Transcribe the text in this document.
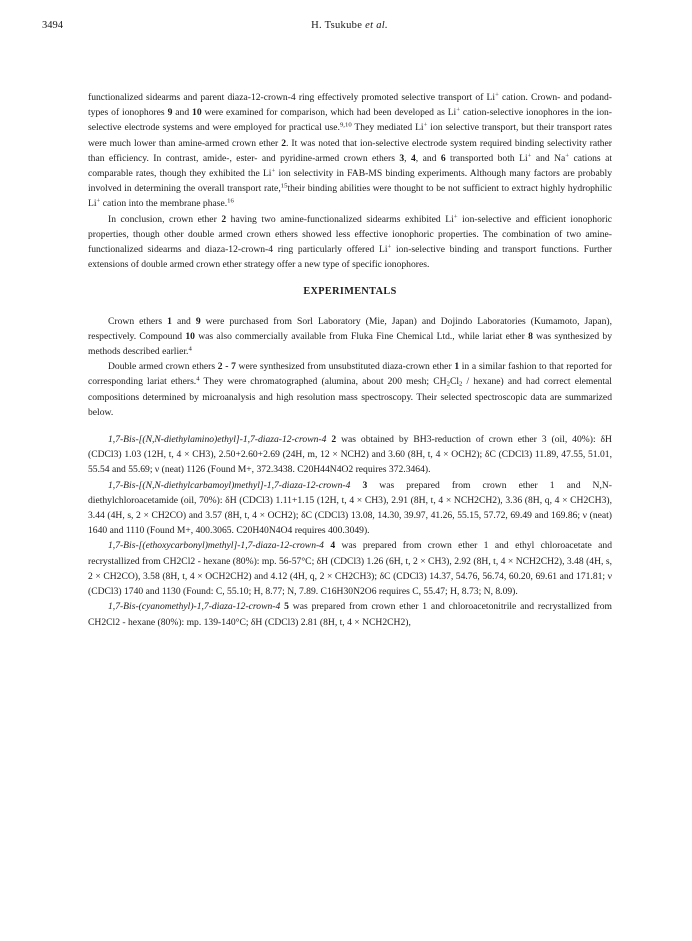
3494	H. Tsukube et al.

functionalized sidearms and parent diaza-12-crown-4 ring effectively promoted selective transport of Li+ cation. Crown- and podand-types of ionophores 9 and 10 were examined for comparison, which had been developed as Li+ cation-selective ionophores in the ion-selective electrode systems and were employed for practical use.$^{9,10}$ They mediated Li+ ion selective transport, but their transport rates were much lower than amine-armed crown ether 2. It was noted that ion-selective electrode system required binding selectivity rather than efficiency. In contrast, amide-, ester- and pyridine-armed crown ethers 3, 4, and 6 transported both Li+ and Na+ cations at comparable rates, though they exhibited the Li+ ion selectivity in FAB-MS binding experiments. Although many factors are probably involved in determining the overall transport rate,$^{15}$their binding abilities were thought to be not sufficient to extract highly hydrophilic Li+ cation into the membrane phase.$^{16}$

In conclusion, crown ether 2 having two amine-functionalized sidearms exhibited Li+ ion-selective and efficient ionophoric properties, though other double armed crown ethers showed less effective ionophoric properties. The combination of two amine-functionalized sidearms and diaza-12-crown-4 ring particularly offered Li+ ion-selective binding and transport functions. Further extensions of double armed crown ether strategy offer a new type of specific ionophores.

EXPERIMENTALS

Crown ethers 1 and 9 were purchased from Sorl Laboratory (Mie, Japan) and Dojindo Laboratories (Kumamoto, Japan), respectively. Compound 10 was also commercially available from Fluka Fine Chemical Ltd., while lariat ether 8 was synthesized by methods described earlier.$^4$

Double armed crown ethers 2 - 7 were synthesized from unsubstituted diaza-crown ether 1 in a similar fashion to that reported for corresponding lariat ethers.$^4$ They were chromatographed (alumina, about 200 mesh; $CH_2Cl_2$ / hexane) and had correct elemental compositions determined by microanalysis and high resolution mass spectroscopy. Their selected spectroscopic data are summarized below.

1,7-Bis-[(N,N-diethylamino)ethyl]-1,7-diaza-12-crown-4 2 was obtained by BH3-reduction of crown ether 3 (oil, 40%): δH (CDCl3) 1.03 (12H, t, 4 × CH3), 2.50+2.60+2.69 (24H, m, 12 × NCH2) and 3.60 (8H, t, 4 × OCH2); δC (CDCl3) 11.89, 47.55, 51.01, 55.54 and 55.69; ν (neat) 1126 (Found M+, 372.3438. C20H44N4O2 requires 372.3464).

1,7-Bis-[(N,N-diethylcarbamoyl)methyl]-1,7-diaza-12-crown-4 3 was prepared from crown ether 1 and N,N-diethylchloroacetamide (oil, 70%): δH (CDCl3) 1.11+1.15 (12H, t, 4 × CH3), 2.91 (8H, t, 4 × NCH2CH2), 3.36 (8H, q, 4 × CH2CH3), 3.44 (4H, s, 2 × CH2CO) and 3.57 (8H, t, 4 × OCH2); δC (CDCl3) 13.08, 14.30, 39.97, 41.26, 55.15, 57.72, 69.49 and 169.86; ν (neat) 1640 and 1110 (Found M+, 400.3065. C20H40N4O4 requires 400.3049).

1,7-Bis-[(ethoxycarbonyl)methyl]-1,7-diaza-12-crown-4 4 was prepared from crown ether 1 and ethyl chloroacetate and recrystallized from CH2Cl2 - hexane (80%): mp. 56-57°C; δH (CDCl3) 1.26 (6H, t, 2 × CH3), 2.92 (8H, t, 4 × NCH2CH2), 3.48 (4H, s, 2 × CH2CO), 3.58 (8H, t, 4 × OCH2CH2) and 4.12 (4H, q, 2 × CH2CH3); δC (CDCl3) 14.37, 54.76, 56.74, 60.20, 69.61 and 171.81; ν (CDCl3) 1740 and 1130 (Found: C, 55.10; H, 8.77; N, 7.89. C16H30N2O6 requires C, 55.47; H, 8.73; N, 8.09).

1,7-Bis-(cyanomethyl)-1,7-diaza-12-crown-4 5 was prepared from crown ether 1 and chloroacetonitrile and recrystallized from CH2Cl2 - hexane (80%): mp. 139-140°C; δH (CDCl3) 2.81 (8H, t, 4 × NCH2CH2),
